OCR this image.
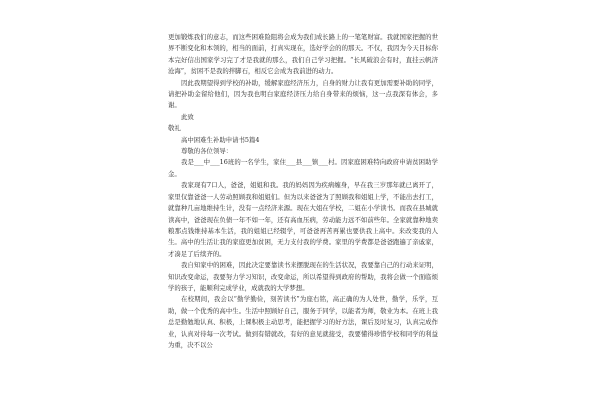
更加锻炼我们的意志，而这些困难险阻将会成为我们成长路上的一笔笔财富。我就国家把握的世界不断变化和本领的，相当的面前，打真实现在，选好学会的的那天。不仅，我因为今天目标你本完好信出国家学习完了才是我就的那么，我们自己学习把握。“长风破浪会有时，直挂云帆济沧海”，贫困不是我的拌脚石，相反它会成为我前进的动力。

因此我期望得到学校的补助，缓解家庭经济压力，自身的财力让我有更加需要补助的同学，请把补助金留给他们，因为我也明白家庭经济压力给自身带来的烦恼，这一点我深有体会，多谢。

此致

敬礼

高中困难生补助申请书5篇4

尊敬的各位领导：

我是___中___16班的一名学生，家住___县___镇___村。因家庭困难特向政府申请贫困助学金。

我家现有7口人，爸爸，姐姐和我。我的妈妈因为疾病缠身，早在我三岁那年就已离开了，家里仅靠爸爸一人劳动照顾我和姐姐们。但为以来爸爸为了照顾我和姐姐上学，不能出去打工，就靠种几亩地维持生计，没有一点经济来源。现在大姐在学校，二姐在小学读书。而我在县城就读高中，爸爸现在负债一年不如一年，还有高血压病，劳动能力远不如前些年。全家就靠种地卖粮那点钱维持基本生活，我的姐姐已经辍学，可爸爸再苦再累也要供我上高中。来改变我的人生。高中的生活让我的家庭更加贫困，无力支付我的学费。家里的学费都是爸爸跑遍了亲戚家，才凑足了后续齐的。

我自知家中的困难，因此决定要靠读书来摆脱现在的生活状况，我要靠自己的行动来证明，知识改变命运，我要努力学习知识，改变命运，所以希望得到政府的帮助，我将会做一个面临烦学的孩子，能顺利完成学业，成就我的大学梦想。

在校期间，我会以“勤学勤俭，刻苦读书”为座右铭，高正确的为人处世，勤学，乐学，互助，做一个优秀的高中生。生活中照顾好自己，服务于同学，以能者为师，敬业为本。在班上我总是勤勉地认真、积极，上课积极主动思考，能把握学习的好方法，课后及时复习，认真完成作业，认真对待每一次考试。做到有错就改，有好的意见就接受，我要懂得珍惜学校和同学的利益为重，决不以公
